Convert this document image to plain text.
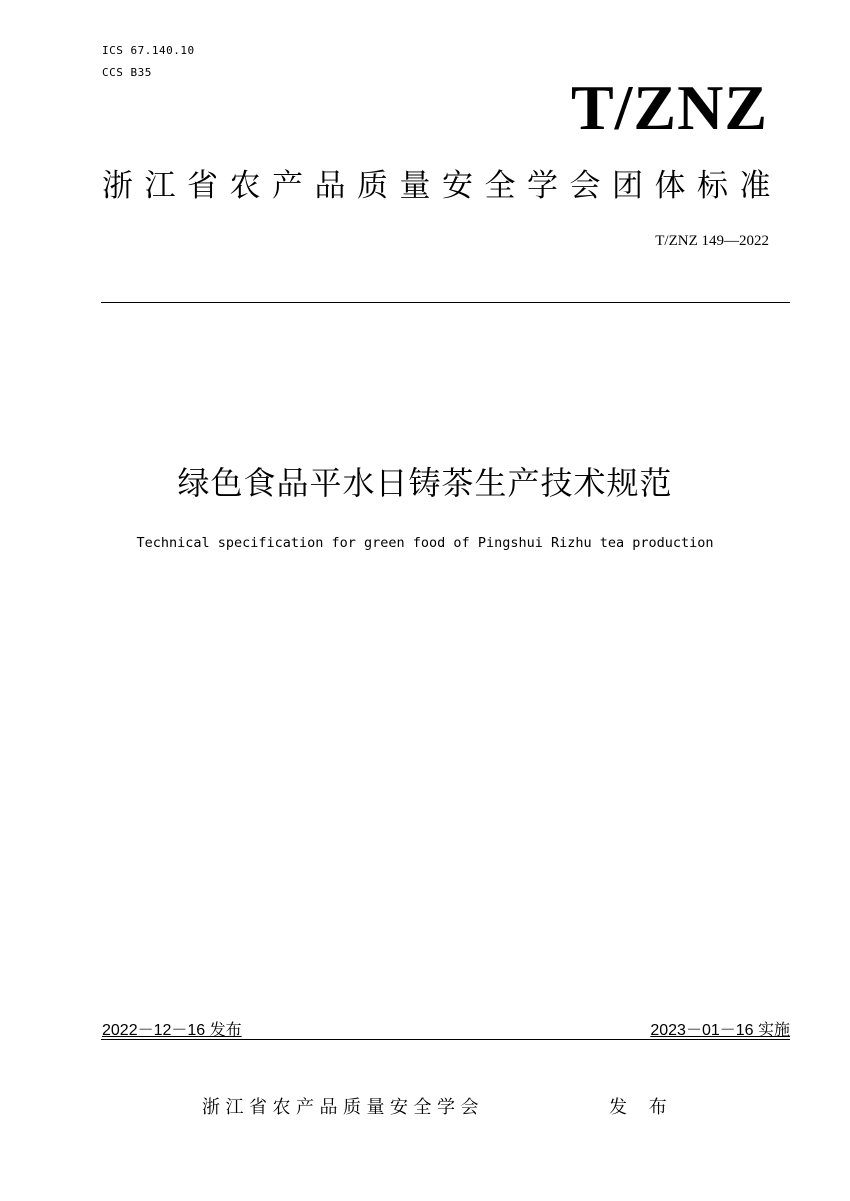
ICS 67.140.10
CCS B35	T/ZNZ
浙江省农产品质量安全学会团体标准
T/ZNZ 149—2022
绿色食品平水日铸茶生产技术规范
Technical specification for green food of Pingshui Rizhu tea production
2022－12－16 发布	2023－01－16 实施
浙江省农产品质量安全学会	发 布
